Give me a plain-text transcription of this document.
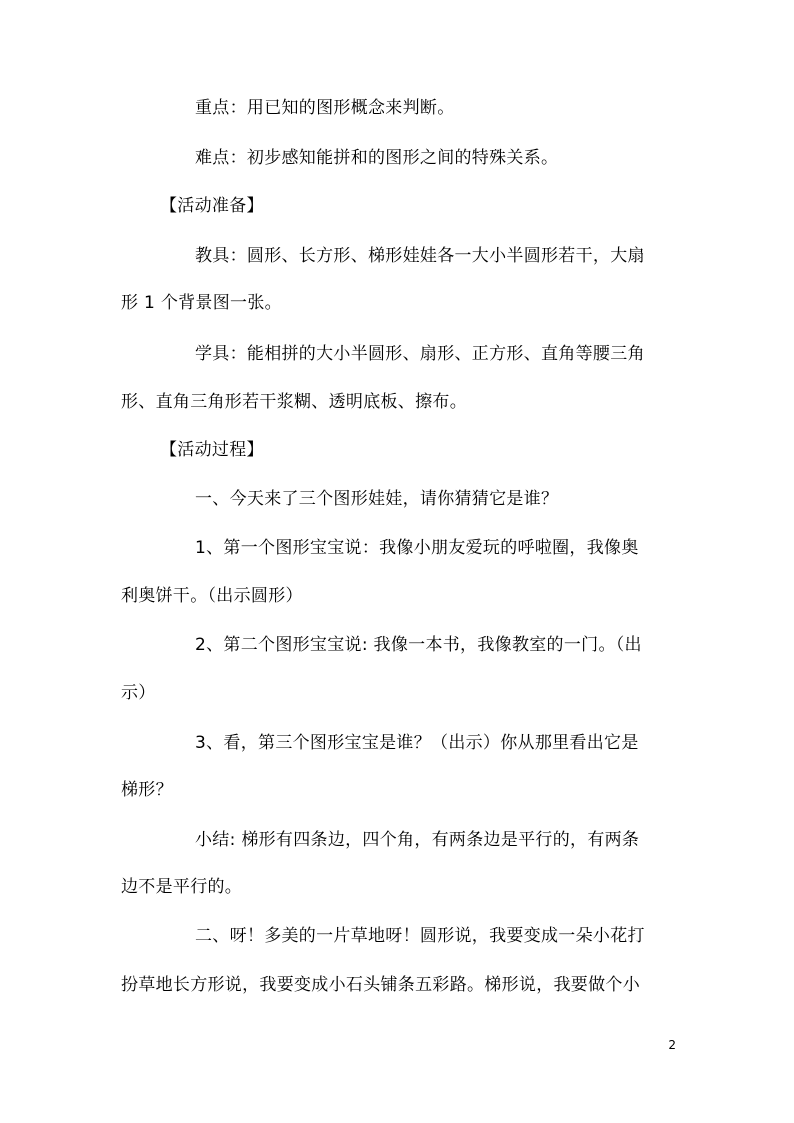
重点：用已知的图形概念来判断。
难点：初步感知能拼和的图形之间的特殊关系。
【活动准备】
教具：圆形、长方形、梯形娃娃各一大小半圆形若干，大扇
形 1 个背景图一张。
学具：能相拼的大小半圆形、扇形、正方形、直角等腰三角
形、直角三角形若干浆糊、透明底板、擦布。
【活动过程】
一、今天来了三个图形娃娃，请你猜猜它是谁？
1、第一个图形宝宝说：我像小朋友爱玩的呼啦圈，我像奥
利奥饼干。（出示圆形）
2、第二个图形宝宝说: 我像一本书，我像教室的一门。（出
示）
3、看，第三个图形宝宝是谁？（出示）你从那里看出它是
梯形？
小结: 梯形有四条边，四个角，有两条边是平行的，有两条
边不是平行的。
二、呀！多美的一片草地呀！圆形说，我要变成一朵小花打
扮草地长方形说，我要变成小石头铺条五彩路。梯形说，我要做个小
2
